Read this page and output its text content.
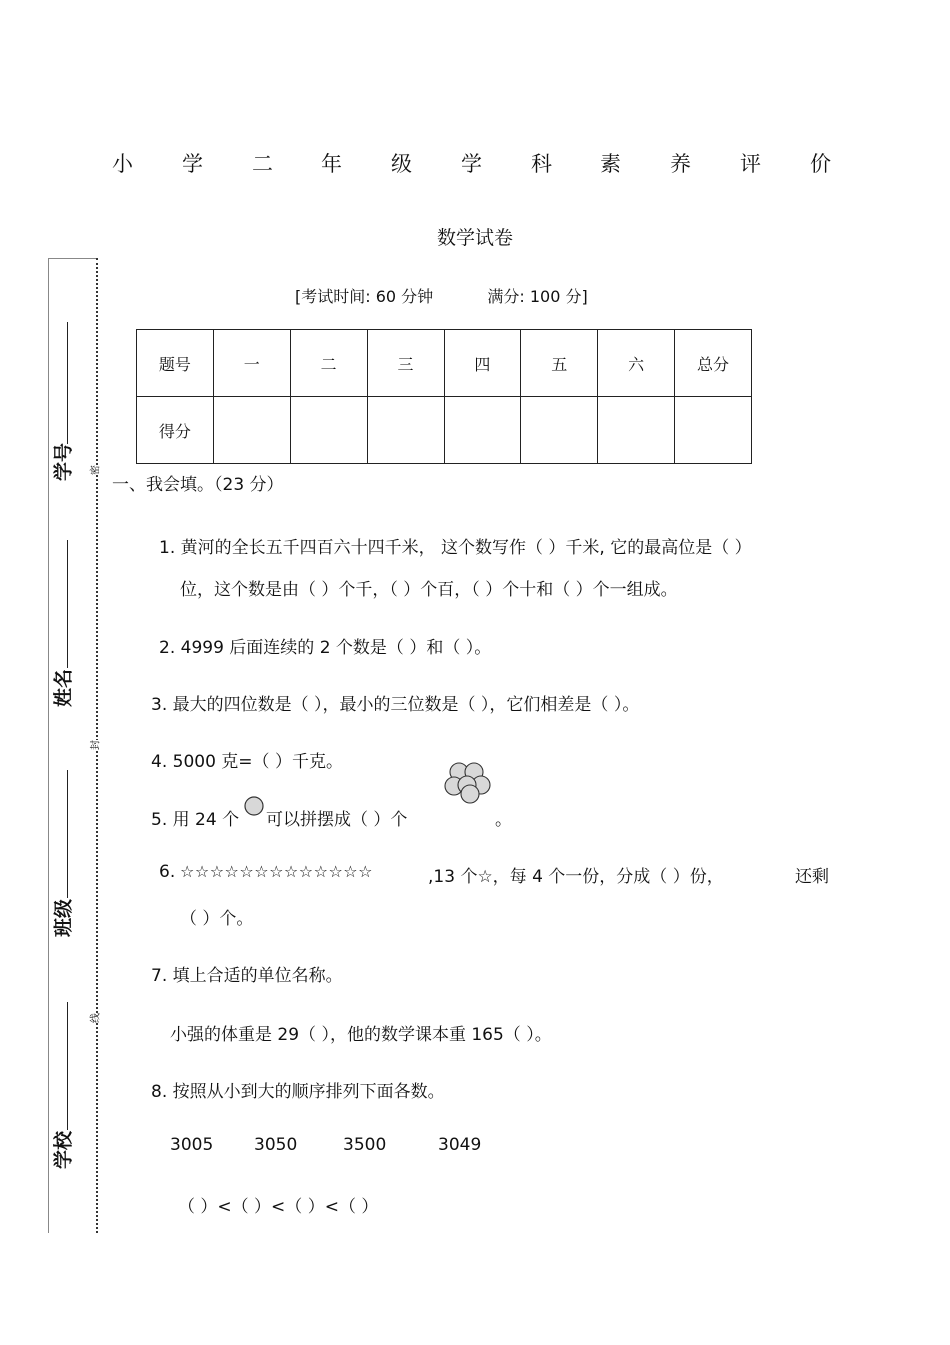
学号
姓名
班级
学校
密
封
线
小 学 二 年 级 学 科 素 养 评 价
数学试卷
[考试时间: 60 分钟	满分: 100 分]
题号	一	二	三	四	五	六	总分
得分							
一、我会填。（23 分）
1. 黄河的全长五千四百六十四千米， 这个数写作（ ）千米, 它的最高位是（ ）
位，这个数是由（ ）个千，（ ）个百，（ ）个十和（ ）个一组成。
2. 4999 后面连续的 2 个数是（ ）和（ ）。
3. 最大的四位数是（ ），最小的三位数是（ ），它们相差是（ ）。
4. 5000 克=（ ）千克。
5. 用 24 个 可以拼摆成（ ）个	。
6. ☆☆☆☆☆☆☆☆☆☆☆☆☆	,13 个☆，每 4 个一份，分成（ ）份，	还剩
（ ）个。
7. 填上合适的单位名称。
小强的体重是 29（ ），他的数学课本重 165（ ）。
8. 按照从小到大的顺序排列下面各数。
3005 3050	3500	3049
（ ）<（ ）<（ ）<（ ）
